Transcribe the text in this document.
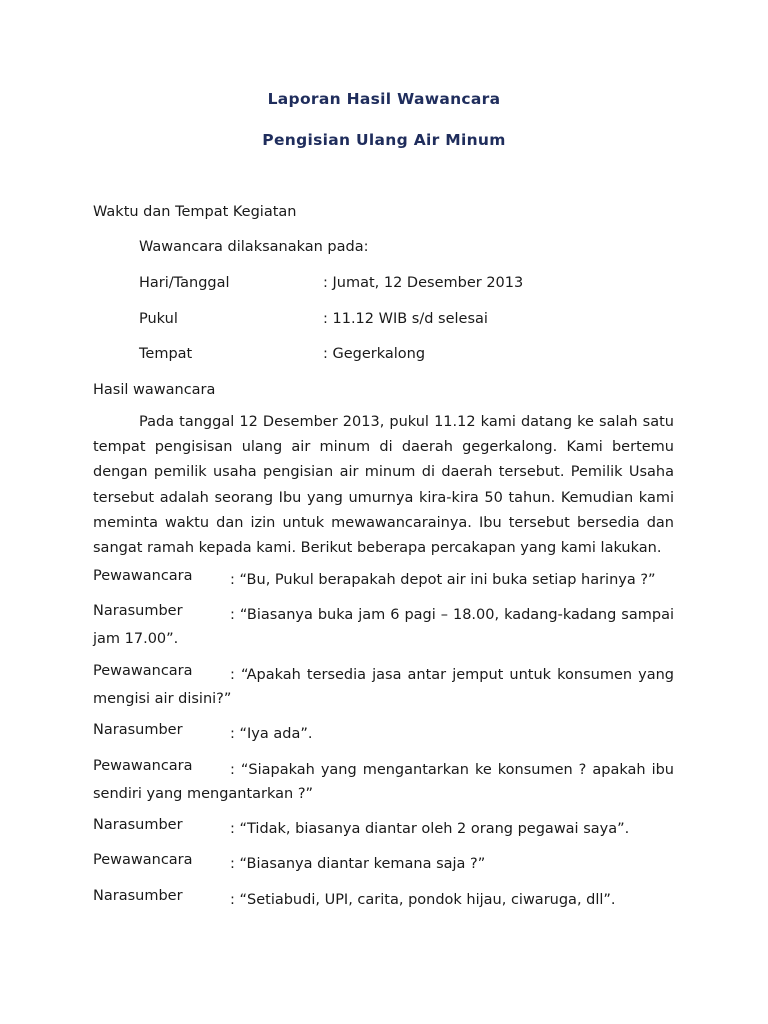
Laporan Hasil Wawancara
Pengisian Ulang Air Minum
Waktu dan Tempat Kegiatan
Wawancara dilaksanakan pada:
Hari/Tanggal	: Jumat, 12 Desember 2013
Pukul	: 11.12 WIB s/d selesai
Tempat	: Gegerkalong
Hasil wawancara
Pada tanggal 12 Desember 2013, pukul 11.12 kami datang ke salah satu tempat pengisisan ulang air minum di daerah gegerkalong. Kami bertemu dengan pemilik usaha pengisian air minum di daerah tersebut. Pemilik Usaha tersebut adalah seorang Ibu yang umurnya kira-kira 50 tahun. Kemudian kami meminta waktu dan izin untuk mewawancarainya. Ibu tersebut bersedia dan sangat ramah kepada kami. Berikut beberapa percakapan yang kami lakukan.
Pewawancara	: “Bu, Pukul berapakah depot air ini buka setiap harinya ?”
Narasumber	: “Biasanya buka jam 6 pagi – 18.00, kadang-kadang sampai jam 17.00”.
Pewawancara	: “Apakah tersedia jasa antar jemput untuk konsumen yang mengisi air disini?”
Narasumber	: “Iya ada”.
Pewawancara	: “Siapakah yang mengantarkan ke konsumen ? apakah ibu sendiri yang mengantarkan ?”
Narasumber	: “Tidak, biasanya diantar oleh 2 orang pegawai saya”.
Pewawancara	: “Biasanya diantar kemana saja ?”
Narasumber	: “Setiabudi, UPI, carita, pondok hijau, ciwaruga, dll”.
